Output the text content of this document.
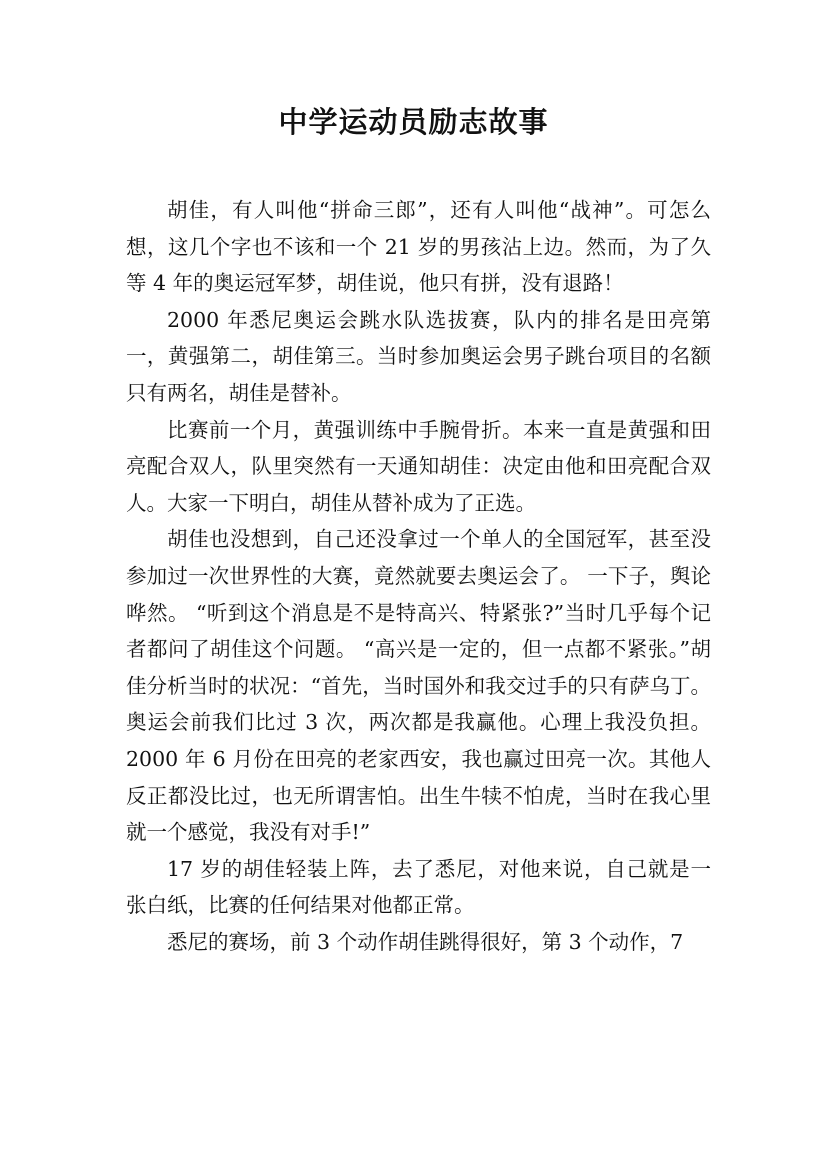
中学运动员励志故事

胡佳，有人叫他“拼命三郎”，还有人叫他“战神”。可怎么想，这几个字也不该和一个 21 岁的男孩沾上边。然而，为了久等 4 年的奥运冠军梦，胡佳说，他只有拼，没有退路！

2000 年悉尼奥运会跳水队选拔赛，队内的排名是田亮第一，黄强第二，胡佳第三。当时参加奥运会男子跳台项目的名额只有两名，胡佳是替补。

比赛前一个月，黄强训练中手腕骨折。本来一直是黄强和田亮配合双人，队里突然有一天通知胡佳：决定由他和田亮配合双人。大家一下明白，胡佳从替补成为了正选。

胡佳也没想到，自己还没拿过一个单人的全国冠军，甚至没参加过一次世界性的大赛，竟然就要去奥运会了。 一下子，舆论哗然。 “听到这个消息是不是特高兴、特紧张?”当时几乎每个记者都问了胡佳这个问题。 “高兴是一定的，但一点都不紧张。”胡佳分析当时的状况：“首先，当时国外和我交过手的只有萨乌丁。奥运会前我们比过 3 次，两次都是我赢他。心理上我没负担。2000 年 6 月份在田亮的老家西安，我也赢过田亮一次。其他人反正都没比过，也无所谓害怕。出生牛犊不怕虎，当时在我心里就一个感觉，我没有对手!”

17 岁的胡佳轻装上阵，去了悉尼，对他来说，自己就是一张白纸，比赛的任何结果对他都正常。

悉尼的赛场，前 3 个动作胡佳跳得很好，第 3 个动作，7
